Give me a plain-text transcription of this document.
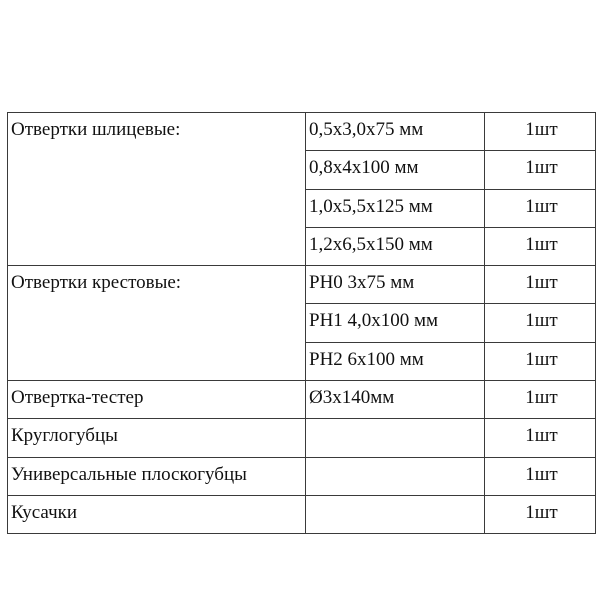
Отвертки шлицевые:	0,5x3,0x75 мм	1шт
	0,8x4x100 мм	1шт
	1,0x5,5x125 мм	1шт
	1,2x6,5x150 мм	1шт
Отвертки крестовые:	PH0 3x75 мм	1шт
	PH1 4,0x100 мм	1шт
	PH2 6x100 мм	1шт
Отвертка-тестер	Ø3x140мм	1шт
Круглогубцы		1шт
Универсальные плоскогубцы		1шт
Кусачки		1шт
